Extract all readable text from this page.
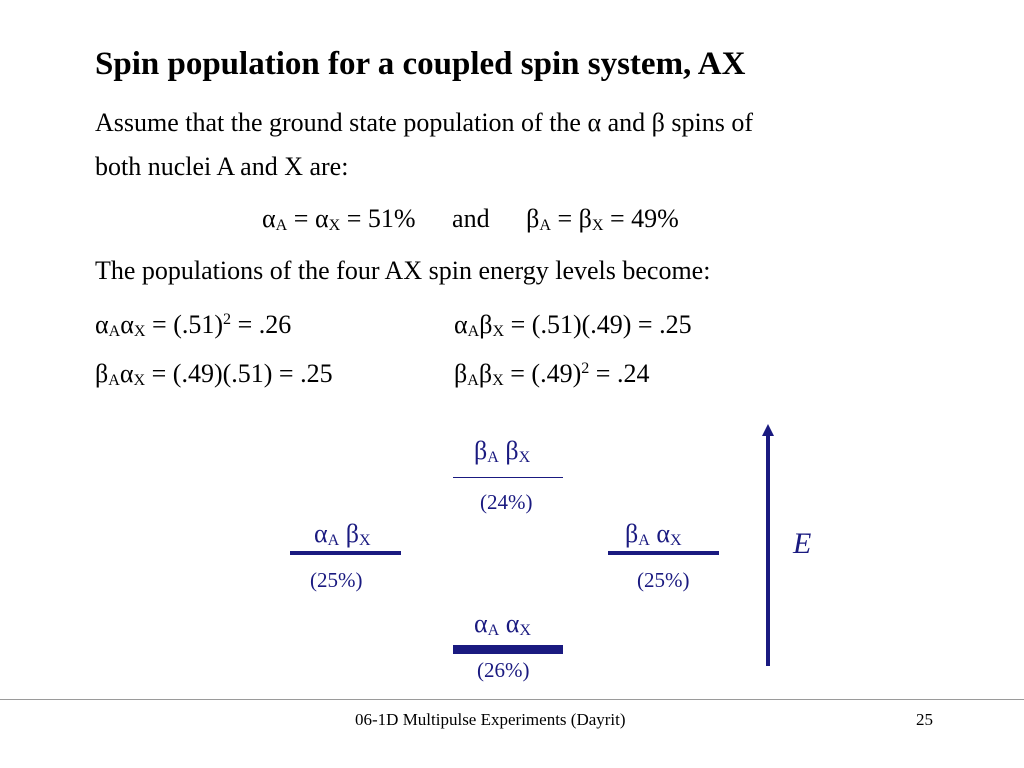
Spin population for a coupled spin system, AX
Assume that the ground state population of the α and β spins of
both nuclei A and X are:
$\alpha_A = \alpha_X = 51\%$ and $\beta_A = \beta_X = 49\%$
The populations of the four AX spin energy levels become:
$\alpha_A\alpha_X = (.51)^2 = .26$	$\alpha_A\beta_X = (.51)(.49) = .25$
$\beta_A\alpha_X = (.49)(.51) = .25$	$\beta_A\beta_X = (.49)^2 = .24$
$\beta_A$ $\beta_X$
(24%)
$\alpha_A$ $\beta_X$
(25%)
$\beta_A$ $\alpha_X$
(25%)
$\alpha_A$ $\alpha_X$
(26%)
E
06-1D Multipulse Experiments (Dayrit)	25
